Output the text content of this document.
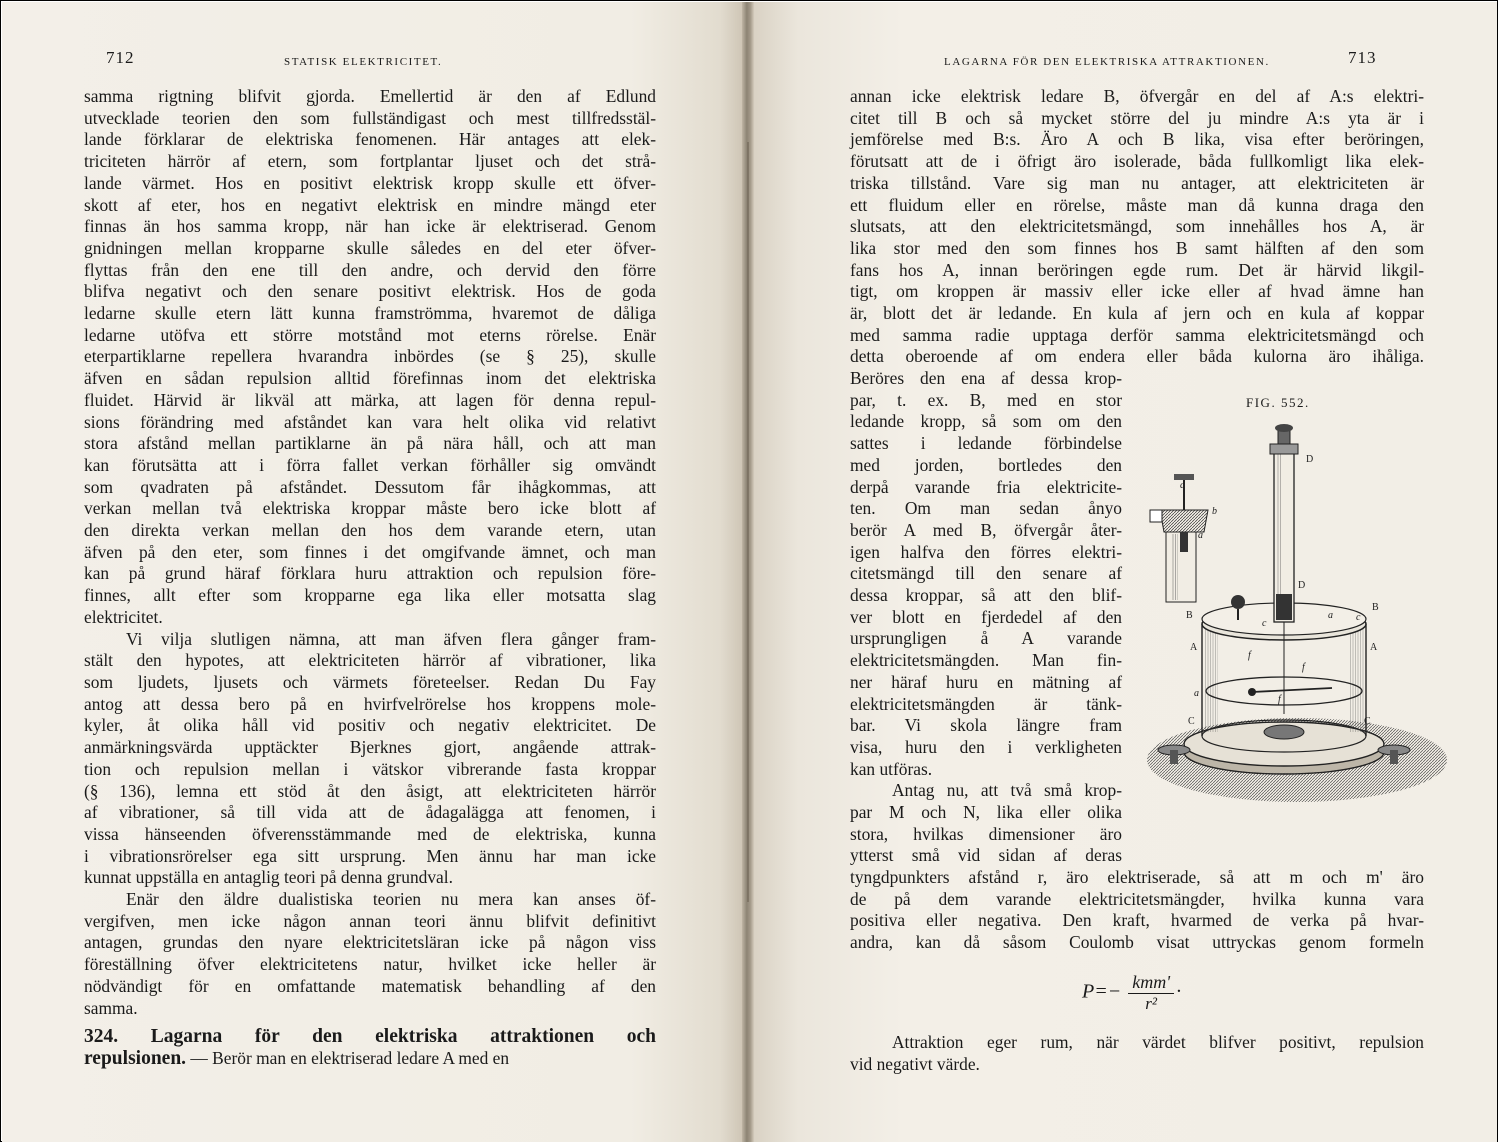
712	STATISK ELEKTRICITET.
samma rigtning blifvit gjorda. Emellertid är den af Edlund
utvecklade teorien den som fullständigast och mest tillfredsstäl-
lande förklarar de elektriska fenomenen. Här antages att elek-
triciteten härrör af etern, som fortplantar ljuset och det strå-
lande värmet. Hos en positivt elektrisk kropp skulle ett öfver-
skott af eter, hos en negativt elektrisk en mindre mängd eter
finnas än hos samma kropp, när han icke är elektriserad. Genom
gnidningen mellan kropparne skulle således en del eter öfver-
flyttas från den ene till den andre, och dervid den förre
blifva negativt och den senare positivt elektrisk. Hos de goda
ledarne skulle etern lätt kunna framströmma, hvaremot de dåliga
ledarne utöfva ett större motstånd mot eterns rörelse. Enär
eterpartiklarne repellera hvarandra inbördes (se § 25), skulle
äfven en sådan repulsion alltid förefinnas inom det elektriska
fluidet. Härvid är likväl att märka, att lagen för denna repul-
sions förändring med afståndet kan vara helt olika vid relativt
stora afstånd mellan partiklarne än på nära håll, och att man
kan förutsätta att i förra fallet verkan förhåller sig omvändt
som qvadraten på afståndet. Dessutom får ihågkommas, att
verkan mellan två elektriska kroppar måste bero icke blott af
den direkta verkan mellan den hos dem varande etern, utan
äfven på den eter, som finnes i det omgifvande ämnet, och man
kan på grund häraf förklara huru attraktion och repulsion före-
finnes, allt efter som kropparne ega lika eller motsatta slag
elektricitet.
Vi vilja slutligen nämna, att man äfven flera gånger fram-
stält den hypotes, att elektriciteten härrör af vibrationer, lika
som ljudets, ljusets och värmets företeelser. Redan Du Fay
antog att dessa bero på en hvirfvelrörelse hos kroppens mole-
kyler, åt olika håll vid positiv och negativ elektricitet. De
anmärkningsvärda upptäckter Bjerknes gjort, angående attrak-
tion och repulsion mellan i vätskor vibrerande fasta kroppar
(§ 136), lemna ett stöd åt den åsigt, att elektriciteten härrör
af vibrationer, så till vida att de ådagalägga att fenomen, i
vissa hänseenden öfverensstämmande med de elektriska, kunna
i vibrationsrörelser ega sitt ursprung. Men ännu har man icke
kunnat uppställa en antaglig teori på denna grundval.
Enär den äldre dualistiska teorien nu mera kan anses öf-
vergifven, men icke någon annan teori ännu blifvit definitivt
antagen, grundas den nyare elektricitetsläran icke på någon viss
föreställning öfver elektricitetens natur, hvilket icke heller är
nödvändigt för en omfattande matematisk behandling af den
samma.
324. Lagarna för den elektriska attraktionen och
repulsionen. — Berör man en elektriserad ledare A med en
LAGARNA FÖR DEN ELEKTRISKA ATTRAKTIONEN.	713
annan icke elektrisk ledare B, öfvergår en del af A:s elektri-
citet till B och så mycket större del ju mindre A:s yta är i
jemförelse med B:s. Äro A och B lika, visa efter beröringen,
förutsatt att de i öfrigt äro isolerade, båda fullkomligt lika elek-
triska tillstånd. Vare sig man nu antager, att elektriciteten är
ett fluidum eller en rörelse, måste man då kunna draga den
slutsats, att den elektricitetsmängd, som innehålles hos A, är
lika stor med den som finnes hos B samt hälften af den som
fans hos A, innan beröringen egde rum. Det är härvid likgil-
tigt, om kroppen är massiv eller icke eller af hvad ämne han
är, blott det är ledande. En kula af jern och en kula af koppar
med samma radie upptaga derför samma elektricitetsmängd och
detta oberoende af om endera eller båda kulorna äro ihåliga.
Beröres den ena af dessa krop-
par, t. ex. B, med en stor
ledande kropp, så som om den
sattes i ledande förbindelse
med jorden, bortledes den
derpå varande fria elektricite-
ten. Om man sedan ånyo
berör A med B, öfvergår åter-
igen halfva den förres elektri-
citetsmängd till den senare af
dessa kroppar, så att den blif-
ver blott en fjerdedel af den
ursprungligen å A varande
elektricitetsmängden. Man fin-
ner häraf huru en mätning af
elektricitetsmängden är tänk-
bar. Vi skola längre fram
visa, huru den i verkligheten
kan utföras.
Antag nu, att två små krop-
par M och N, lika eller olika
stora, hvilkas dimensioner äro
ytterst små vid sidan af deras
tyngdpunkters afstånd r, äro elektriserade, så att m och m' äro
de på dem varande elektricitetsmängder, hvilka kunna vara
positiva eller negativa. Den kraft, hvarmed de verka på hvar-
andra, kan då såsom Coulomb visat uttryckas genom formeln
P=− kmm'
r²
·
Attraktion eger rum, när värdet blifver positivt, repulsion
vid negativt värde.
FIG. 552.
D
d
b
a
D
B
B
a
c
c
A	A
f
f
a
f
C	C
